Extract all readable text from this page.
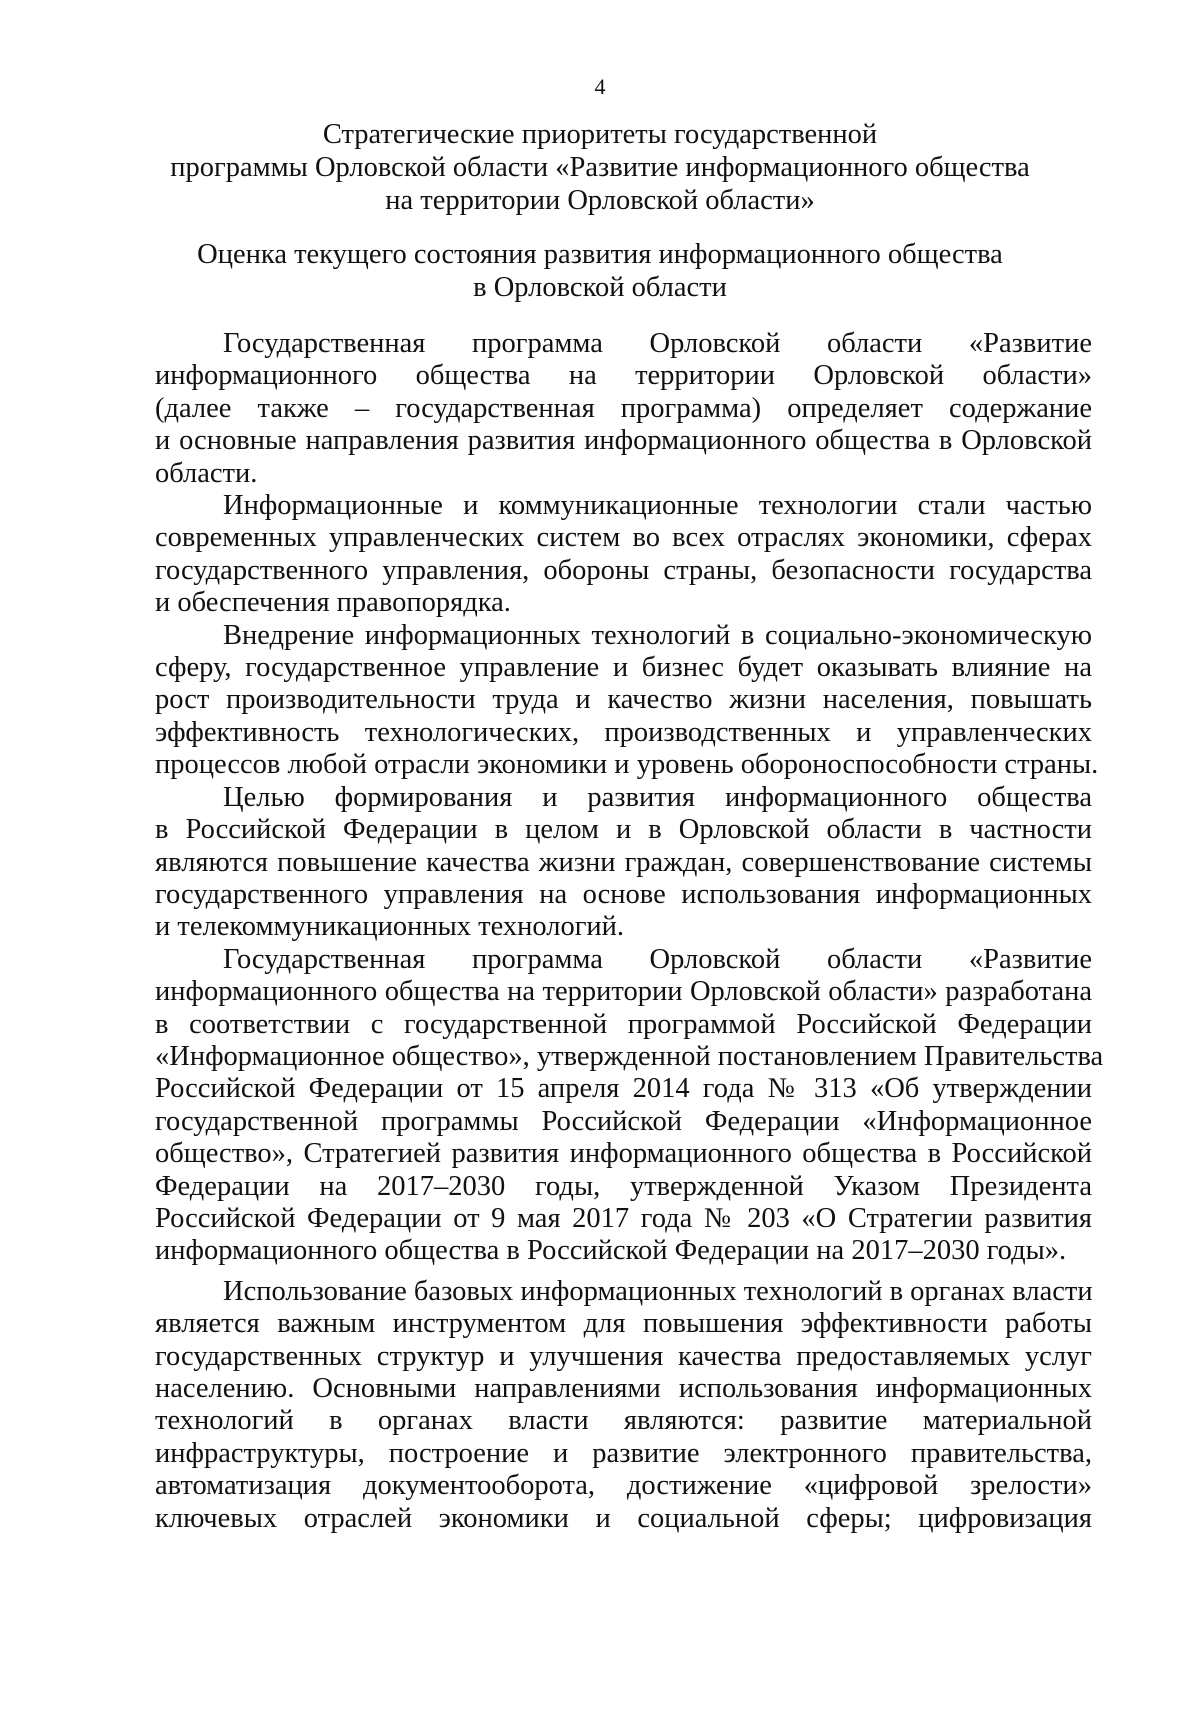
4
Стратегические приоритеты государственной
программы Орловской области «Развитие информационного общества
на территории Орловской области»
Оценка текущего состояния развития информационного общества
в Орловской области

Государственная программа Орловской области «Развитие
информационного общества на территории Орловской области»
(далее также – государственная программа) определяет содержание
и основные направления развития информационного общества в Орловской
области.

Информационные и коммуникационные технологии стали частью
современных управленческих систем во всех отраслях экономики, сферах
государственного управления, обороны страны, безопасности государства
и обеспечения правопорядка.

Внедрение информационных технологий в социально-экономическую
сферу, государственное управление и бизнес будет оказывать влияние на
рост производительности труда и качество жизни населения, повышать
эффективность технологических, производственных и управленческих
процессов любой отрасли экономики и уровень обороноспособности страны.

Целью формирования и развития информационного общества
в Российской Федерации в целом и в Орловской области в частности
являются повышение качества жизни граждан, совершенствование системы
государственного управления на основе использования информационных
и телекоммуникационных технологий.

Государственная программа Орловской области «Развитие
информационного общества на территории Орловской области» разработана
в соответствии с государственной программой Российской Федерации
«Информационное общество», утвержденной постановлением Правительства
Российской Федерации от 15 апреля 2014 года № 313 «Об утверждении
государственной программы Российской Федерации «Информационное
общество», Стратегией развития информационного общества в Российской
Федерации на 2017–2030 годы, утвержденной Указом Президента
Российской Федерации от 9 мая 2017 года № 203 «О Стратегии развития
информационного общества в Российской Федерации на 2017–2030 годы».

Использование базовых информационных технологий в органах власти
является важным инструментом для повышения эффективности работы
государственных структур и улучшения качества предоставляемых услуг
населению. Основными направлениями использования информационных
технологий в органах власти являются: развитие материальной
инфраструктуры, построение и развитие электронного правительства,
автоматизация документооборота, достижение «цифровой зрелости»
ключевых отраслей экономики и социальной сферы; цифровизация
